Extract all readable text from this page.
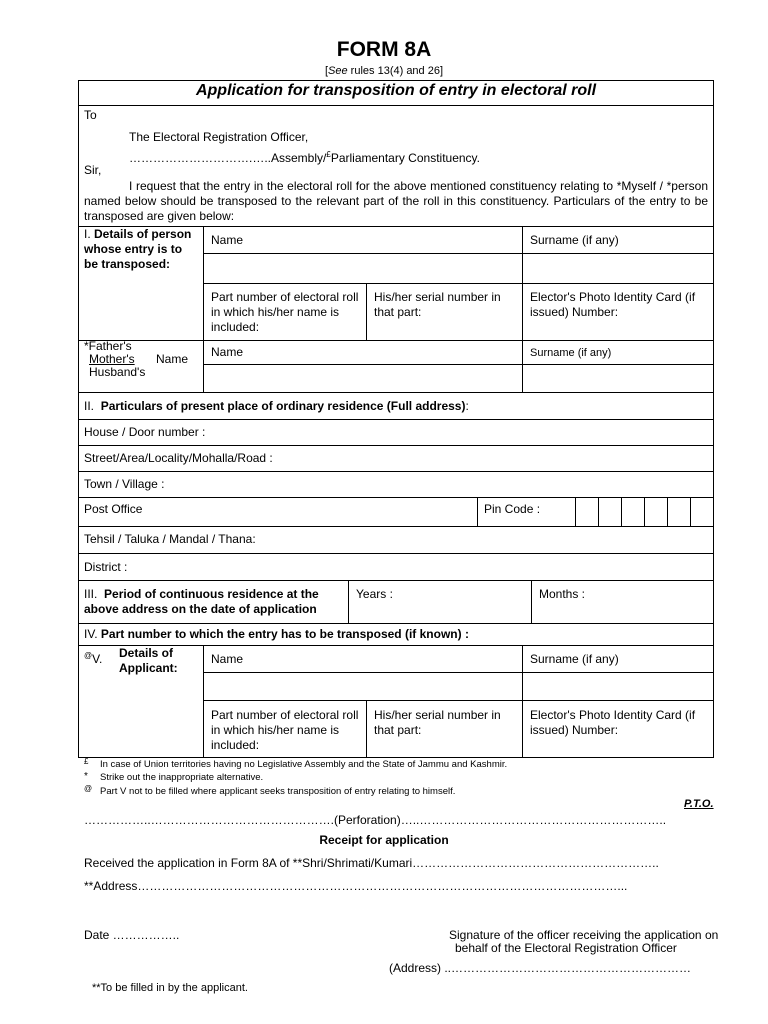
FORM 8A
[See rules 13(4) and 26]
Application for transposition of entry in electoral roll
To
The Electoral Registration Officer,
………………………….…..Assembly/£Parliamentary Constituency.
Sir,
I request that the entry in the electoral roll for the above mentioned constituency relating to *Myself / *person named below should be transposed to the relevant part of the roll in this constituency. Particulars of the entry to be transposed are given below:
I. Details of person whose entry is to be transposed:
Name	Surname (if any)
Part number of electoral roll in which his/her name is included:
His/her serial number in that part:
Elector's Photo Identity Card (if issued) Number:
*Father's
Mother's Name
Husband's
Name	Surname (if any)
II. Particulars of present place of ordinary residence (Full address):
House / Door number :
Street/Area/Locality/Mohalla/Road :
Town / Village :
Post Office	Pin Code :
Tehsil / Taluka / Mandal / Thana:
District :
III. Period of continuous residence at the above address on the date of application
Years :	Months :
IV. Part number to which the entry has to be transposed (if known) :
@V. Details of Applicant:
Name	Surname (if any)
Part number of electoral roll in which his/her name is included:
His/her serial number in that part:
Elector's Photo Identity Card (if issued) Number:
£ In case of Union territories having no Legislative Assembly and the State of Jammu and Kashmir.
* Strike out the inappropriate alternative.
@ Part V not to be filled where applicant seeks transposition of entry relating to himself.
P.T.O.
……………..……………………………………….(Perforation)…..……………………………………………………..
Receipt for application
Received the application in Form 8A of **Shri/Shrimati/Kumari……………………………………………………..
**Address…………………………………………………………………………………………………………...
Date ……………..	Signature of the officer receiving the application on
behalf of the Electoral Registration Officer
(Address) ..……………………………………………………
**To be filled in by the applicant.
